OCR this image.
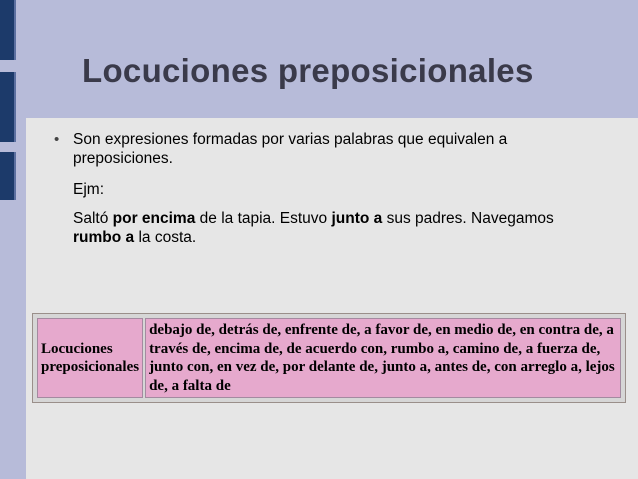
Locuciones preposicionales
• Son expresiones formadas por varias palabras que equivalen a preposiciones.
Ejm:
Saltó por encima de la tapia. Estuvo junto a sus padres. Navegamos rumbo a la costa.
Locuciones preposicionales	debajo de, detrás de, enfrente de, a favor de, en medio de, en contra de, a través de, encima de, de acuerdo con, rumbo a, camino de, a fuerza de, junto con, en vez de, por delante de, junto a, antes de, con arreglo a, lejos de, a falta de
